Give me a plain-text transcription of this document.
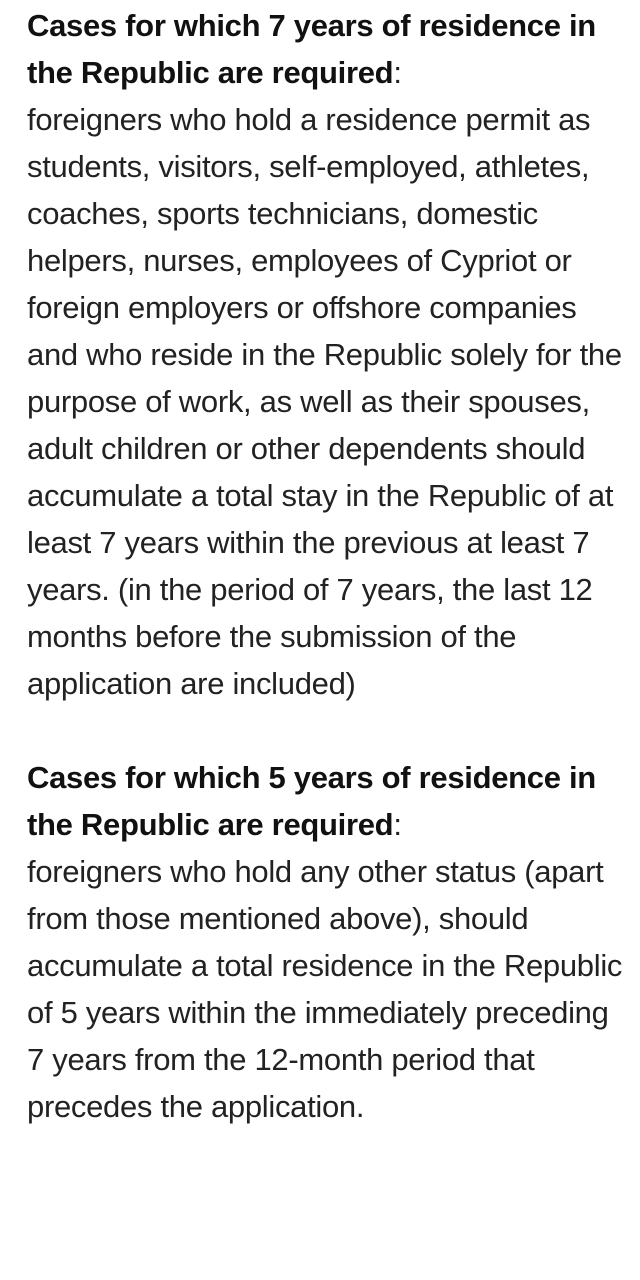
Cases for which 7 years of residence in the Republic are required:
foreigners who hold a residence permit as students, visitors, self-employed, athletes, coaches, sports technicians, domestic helpers, nurses, employees of Cypriot or foreign employers or offshore companies and who reside in the Republic solely for the purpose of work, as well as their spouses, adult children or other dependents should accumulate a total stay in the Republic of at least 7 years within the previous at least 7 years. (in the period of 7 years, the last 12 months before the submission of the application are included)

Cases for which 5 years of residence in the Republic are required:
foreigners who hold any other status (apart from those mentioned above), should accumulate a total residence in the Republic of 5 years within the immediately preceding 7 years from the 12-month period that precedes the application.
